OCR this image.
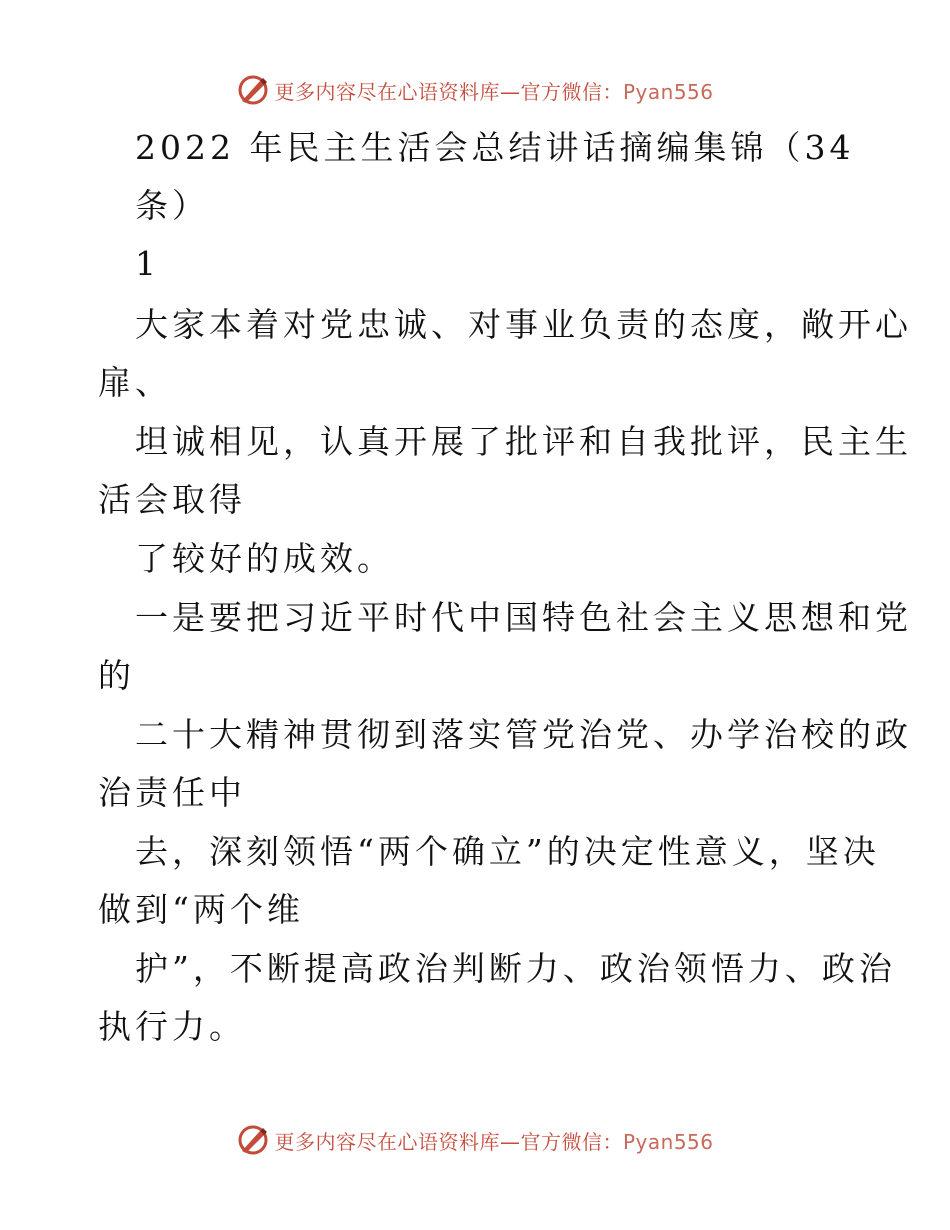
更多内容尽在心语资料库—官方微信：Pyan556
2022 年民主生活会总结讲话摘编集锦（34
条）
1
大家本着对党忠诚、对事业负责的态度，敞开心
扉、
坦诚相见，认真开展了批评和自我批评，民主生
活会取得
了较好的成效。
一是要把习近平时代中国特色社会主义思想和党
的
二十大精神贯彻到落实管党治党、办学治校的政
治责任中
去，深刻领悟“两个确立”的决定性意义，坚决
做到“两个维
护”，不断提高政治判断力、政治领悟力、政治
执行力。
更多内容尽在心语资料库—官方微信：Pyan556
